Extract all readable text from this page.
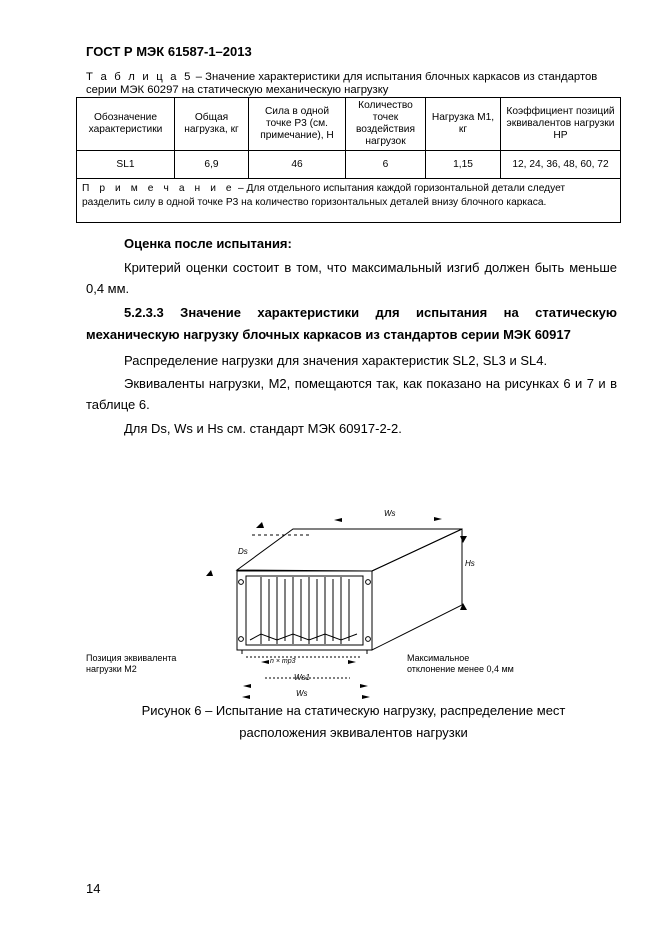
ГОСТ Р МЭК 61587-1–2013
Т а б л и ц а 5 – Значение характеристики для испытания блочных каркасов из стандартов серии МЭК 60297 на статическую механическую нагрузку
Обозначение характеристики	Общая нагрузка, кг	Сила в одной точке Р3 (см. примечание), Н	Количество точек воздействия нагрузок	Нагрузка М1, кг	Коэффициент позиций эквивалентов нагрузки HP
SL1	6,9	46	6	1,15	12, 24, 36, 48, 60, 72
П р и м е ч а н и е – Для отдельного испытания каждой горизонтальной детали следует разделить силу в одной точке Р3 на количество горизонтальных деталей внизу блочного каркаса.					
Оценка после испытания:
Критерий оценки состоит в том, что максимальный изгиб должен быть меньше 0,4 мм.
5.2.3.3 Значение характеристики для испытания на статическую механическую нагрузку блочных каркасов из стандартов серии МЭК 60917
Распределение нагрузки для значения характеристик SL2, SL3 и SL4.
Эквиваленты нагрузки, М2, помещаются так, как показано на рисунках 6 и 7 и в таблице 6.
Для Ds, Ws и Hs см. стандарт МЭК 60917-2-2.
Ws
Ds
Hs
n × mp3
Ws1
Ws
Позиция эквивалента
нагрузки М2
Максимальное
отклонение менее 0,4 мм
Рисунок 6 – Испытание на статическую нагрузку, распределение мест
расположения эквивалентов нагрузки
14
